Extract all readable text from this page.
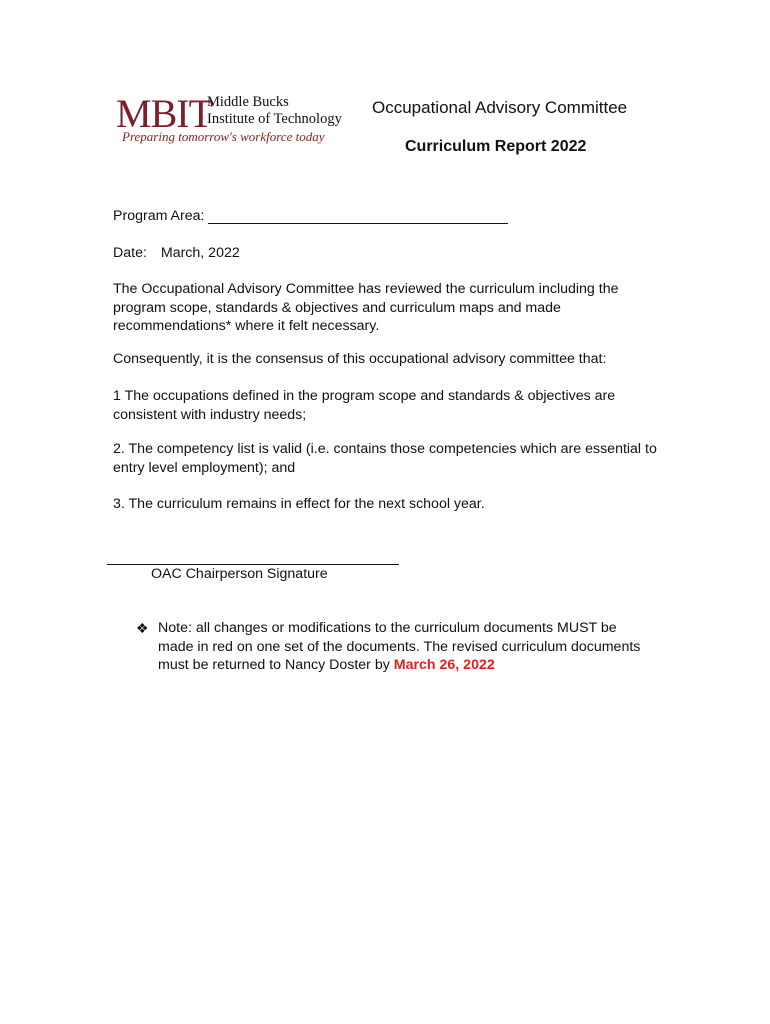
MBIT
Middle Bucks
Institute of Technology
Preparing tomorrow's workforce today
Occupational Advisory Committee
Curriculum Report 2022
Program Area:
Date: March, 2022
The Occupational Advisory Committee has reviewed the curriculum including the program scope, standards & objectives and curriculum maps and made recommendations* where it felt necessary.
Consequently, it is the consensus of this occupational advisory committee that:
1 The occupations defined in the program scope and standards & objectives are consistent with industry needs;
2. The competency list is valid (i.e. contains those competencies which are essential to entry level employment); and
3. The curriculum remains in effect for the next school year.
OAC Chairperson Signature
❖ Note: all changes or modifications to the curriculum documents MUST be made in red on one set of the documents. The revised curriculum documents must be returned to Nancy Doster by March 26, 2022
